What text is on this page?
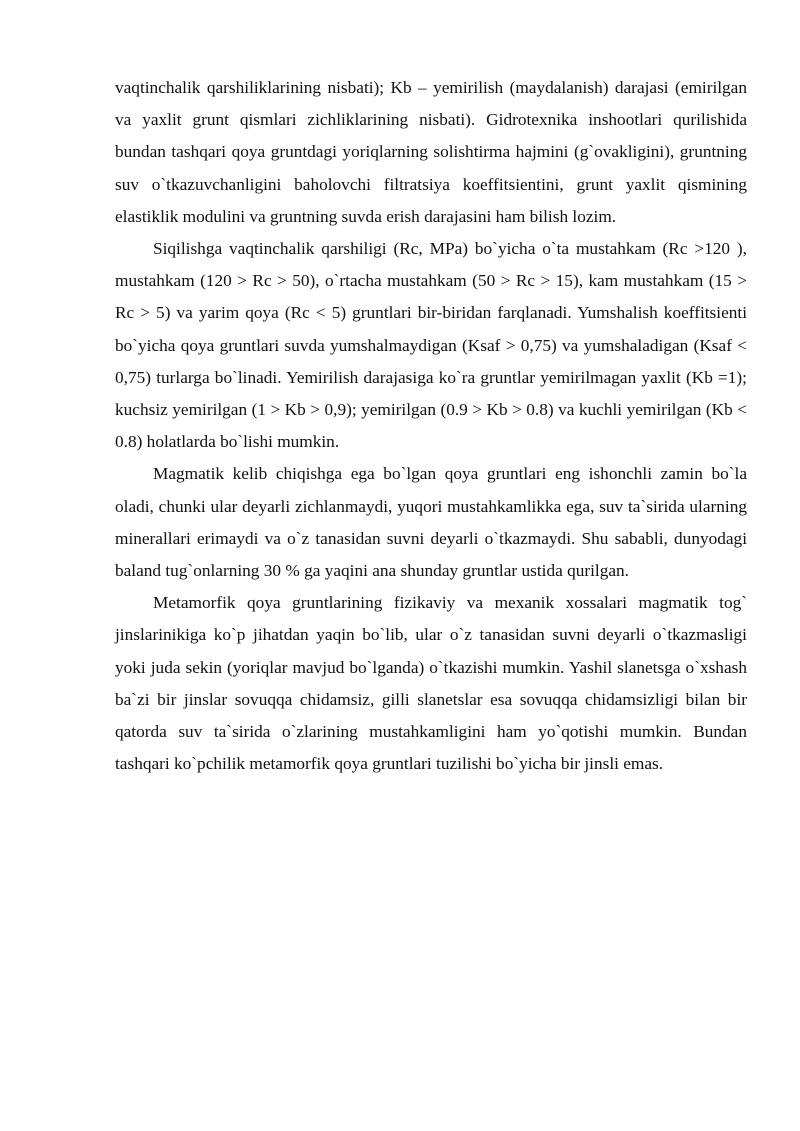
vaqtinchalik qarshiliklarining nisbati); Kb – yemirilish (maydalanish) darajasi (emirilgan va yaxlit grunt qismlari zichliklarining nisbati). Gidrotexnika inshootlari qurilishida bundan tashqari qoya gruntdagi yoriqlarning solishtirma hajmini (g`ovakligini), gruntning suv o`tkazuvchanligini baholovchi filtratsiya koeffitsientini, grunt yaxlit qismining elastiklik modulini va gruntning suvda erish darajasini ham bilish lozim.

Siqilishga vaqtinchalik qarshiligi (Rc, MPa) bo`yicha o`ta mustahkam (Rc >120 ), mustahkam (120 > Rc > 50), o`rtacha mustahkam (50 > Rc > 15), kam mustahkam (15 > Rc > 5) va yarim qoya (Rc < 5) gruntlari bir-biridan farqlanadi. Yumshalish koeffitsienti bo`yicha qoya gruntlari suvda yumshalmaydigan (Ksaf > 0,75) va yumshaladigan (Ksaf < 0,75) turlarga bo`linadi. Yemirilish darajasiga ko`ra gruntlar yemirilmagan yaxlit (Kb =1); kuchsiz yemirilgan (1 > Kb > 0,9); yemirilgan (0.9 > Kb > 0.8) va kuchli yemirilgan (Kb < 0.8) holatlarda bo`lishi mumkin.

Magmatik kelib chiqishga ega bo`lgan qoya gruntlari eng ishonchli zamin bo`la oladi, chunki ular deyarli zichlanmaydi, yuqori mustahkamlikka ega, suv ta`sirida ularning minerallari erimaydi va o`z tanasidan suvni deyarli o`tkazmaydi. Shu sababli, dunyodagi baland tug`onlarning 30 % ga yaqini ana shunday gruntlar ustida qurilgan.

Metamorfik qoya gruntlarining fizikaviy va mexanik xossalari magmatik tog` jinslarinikiga ko`p jihatdan yaqin bo`lib, ular o`z tanasidan suvni deyarli o`tkazmasligi yoki juda sekin (yoriqlar mavjud bo`lganda) o`tkazishi mumkin. Yashil slanetsga o`xshash ba`zi bir jinslar sovuqqa chidamsiz, gilli slanetslar esa sovuqqa chidamsizligi bilan bir qatorda suv ta`sirida o`zlarining mustahkamligini ham yo`qotishi mumkin. Bundan tashqari ko`pchilik metamorfik qoya gruntlari tuzilishi bo`yicha bir jinsli emas.
